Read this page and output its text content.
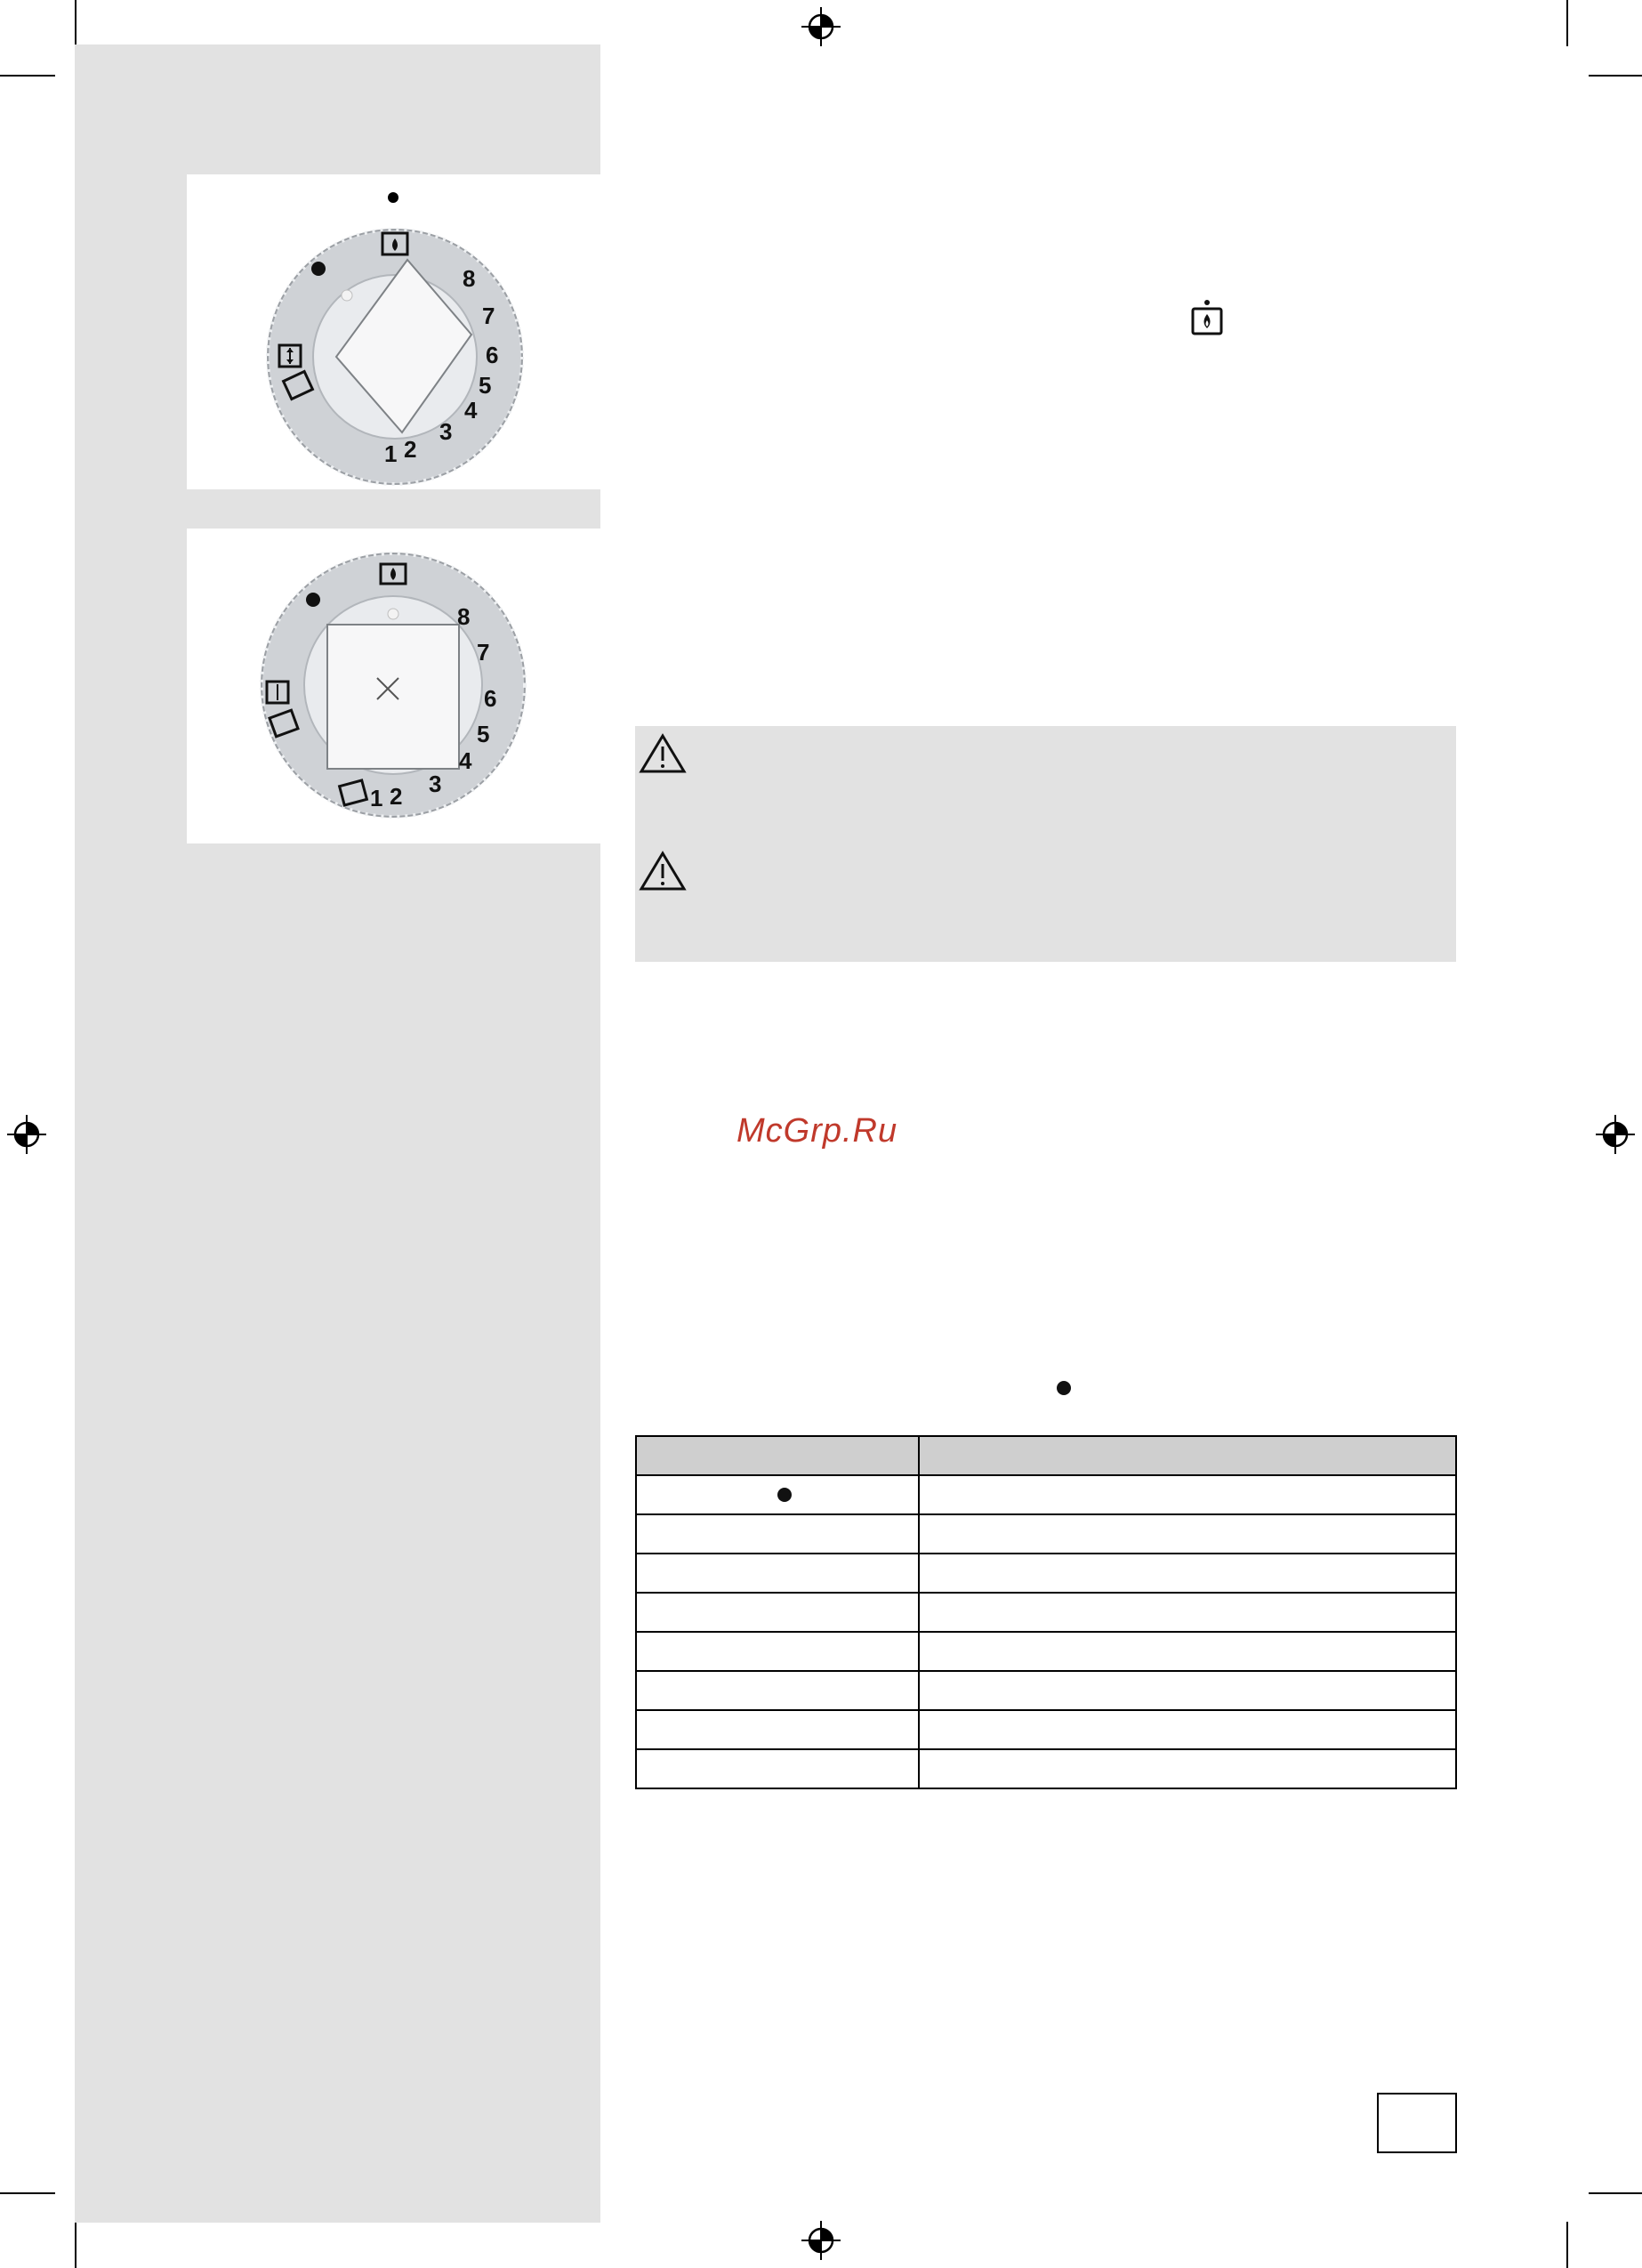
1 2
3
4
5
6
7
8
1 2 3
4
5
6
7
8
McGrp.Ru
